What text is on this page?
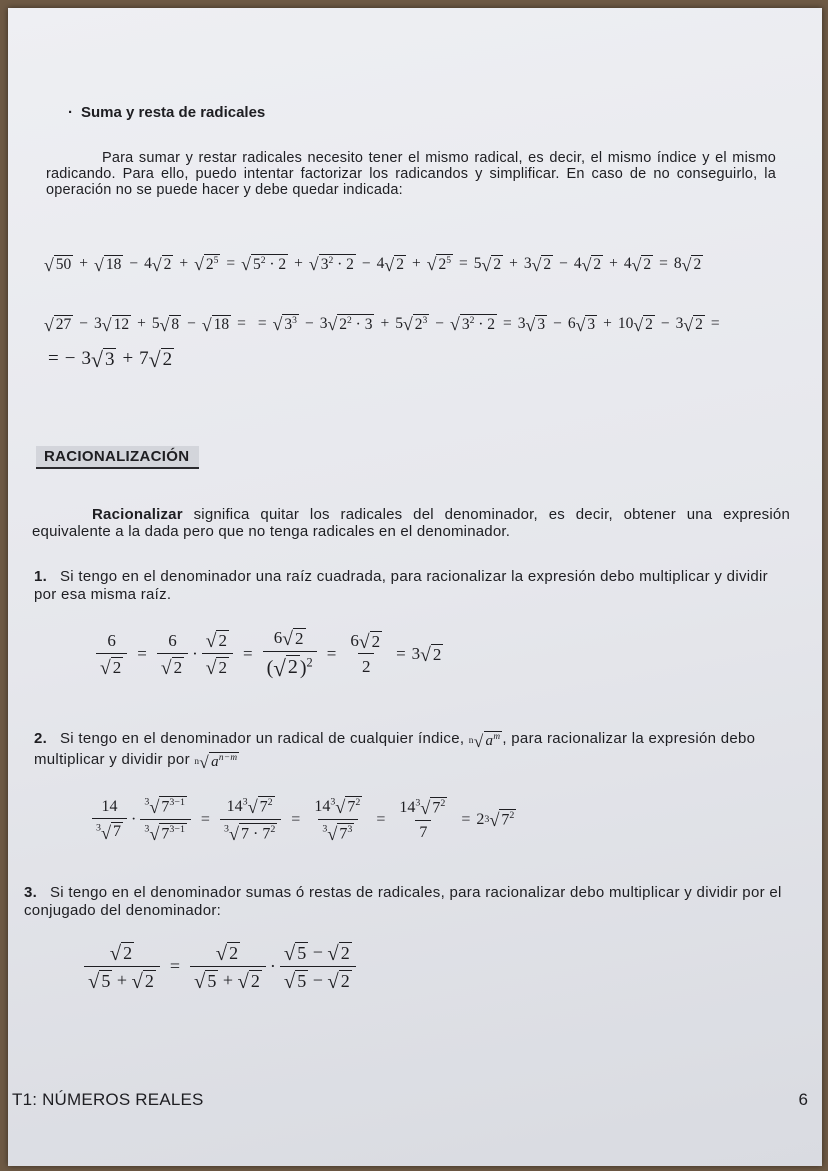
· Suma y resta de radicales
Para sumar y restar radicales necesito tener el mismo radical, es decir, el mismo índice y el mismo radicando. Para ello, puedo intentar factorizar los radicandos y simplificar. En caso de no conseguirlo, la operación no se puede hacer y debe quedar indicada:
√ 50 + √ 18 − 4 √ 2 + √ $2^5$ = √ $5^2 \cdot 2$ + √ $3^2 \cdot 2 - 4$ √ 2 + √ $2^5 = 5$ √ 2 + 3 √ 2 − 4 √ 2 + 4 √ 2 = 8 √ 2
√ 27 − 3 √ 12 + 5 √ 8 − √ 18 = = √ $3^3 - 3$ √ $2^2 \cdot 3 + 5$ √ $2^3$ − √ $3^2 \cdot 2 = 3$ √ 3 − 6 √ 3 + 10 √ 2 − 3 √ 2 =
= − 3 √ 3 + 7 √ 2
RACIONALIZACIÓN
Racionalizar significa quitar los radicales del denominador, es decir, obtener una expresión equivalente a la dada pero que no tenga radicales en el denominador.
1. Si tengo en el denominador una raíz cuadrada, para racionalizar la expresión debo multiplicar y dividir por esa misma raíz.
$\frac{6}{√ 2} = \frac{6}{√ 2} \cdot \frac{√ 2}{√ 2} = \frac{6 √ 2}{( √ 2 )^2} = \frac{6 √ 2}{2} = 3$ √ 2
2. Si tengo en el denominador un radical de cualquier índice, n √ $a^m$ , para racionalizar la expresión debo multiplicar y dividir por n √ $a^{n-m}$
$\frac{14}{^3 √ 7} \cdot \frac{^3 √ 7^{3-1}}{^3 √ 7^{3-1}} = \frac{14^3 √ 7^2}{^3 √ 7 \cdot 7^2} = \frac{14^3 √ 7^2}{^3 √ 7^3} = \frac{14^3 √ 7^2}{7} = 2$ 3 √ $7^2$
3. Si tengo en el denominador sumas ó restas de radicales, para racionalizar debo multiplicar y dividir por el conjugado del denominador:
$\frac{√ 2}{√ 5 + √ 2} = \frac{√ 2}{√ 5 + √ 2} \cdot \frac{√ 5 - √ 2}{√ 5 - √ 2}$
T1: NÚMEROS REALES	6
